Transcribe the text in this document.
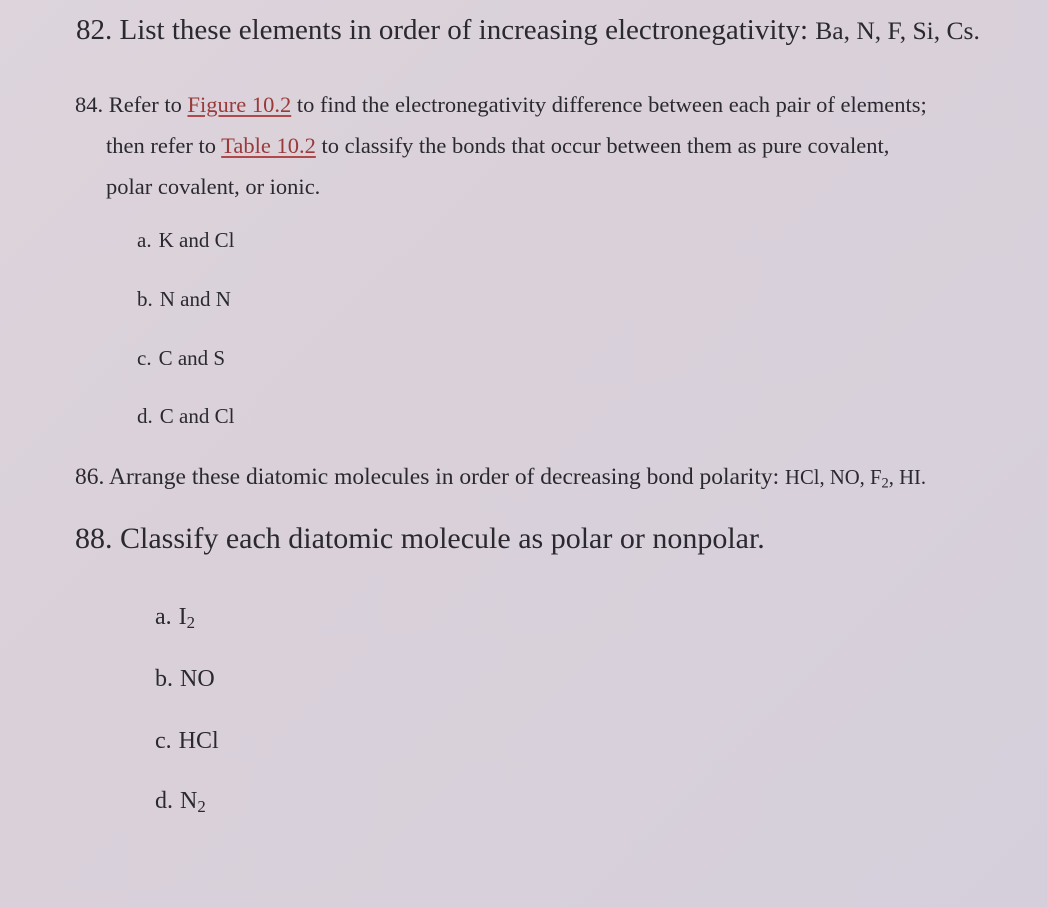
82. List these elements in order of increasing electronegativity: Ba, N, F, Si, Cs.
84. Refer to Figure 10.2 to find the electronegativity difference between each pair of elements;
then refer to Table 10.2 to classify the bonds that occur between them as pure covalent,
polar covalent, or ionic.
a. K and Cl
b. N and N
c. C and S
d. C and Cl
86. Arrange these diatomic molecules in order of decreasing bond polarity: HCl, NO, $F_2$, HI.
88. Classify each diatomic molecule as polar or nonpolar.
a. $I_2$
b. NO
c. HCl
d. $N_2$
